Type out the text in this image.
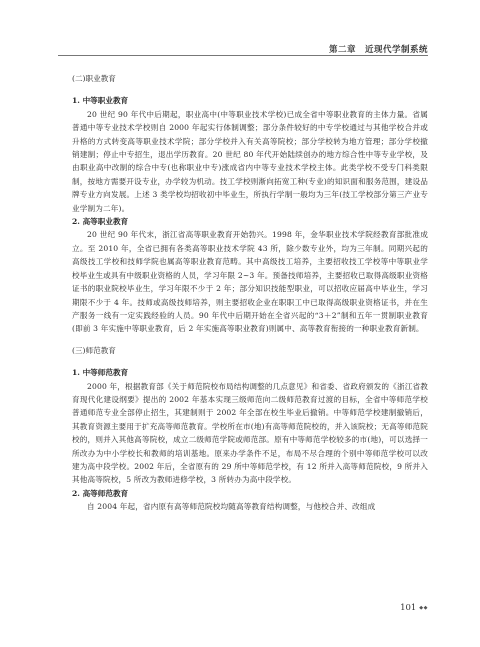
第二章　近现代学制系统
(二)职业教育
1. 中等职业教育

20 世纪 90 年代中后期起，职业高中(中等职业技术学校)已成全省中等职业教育的主体力量。省属普通中等专业技术学校则自 2000 年起实行体制调整；部分条件较好的中专学校通过与其他学校合并或升格的方式转变高等职业技术学院；部分学校并入有关高等院校；部分学校转为地方管理；部分学校撤销建制；停止中专招生，退出学历教育。20 世纪 80 年代开始陆续创办的地方综合性中等专业学校，及由职业高中改制的综合中专(也称职业中专)涨成省内中等专业技术学校主体。此类学校不受专门科类限制，按地方需要开设专业，办学较为机动。技工学校则渐向拓宽工种(专业)的知识面和服务范围，建设品牌专业方向发展。上述 3 类学校均招收初中毕业生，所执行学制一般均为三年(技工学校部分第三产业专业学制为二年)。

2. 高等职业教育

20 世纪 90 年代末，浙江省高等职业教育开始勃兴。1998 年，金华职业技术学院经教育部批准成立。至 2010 年，全省已拥有各类高等职业技术学院 43 所，除少数专业外，均为三年制。同期兴起的高级技工学校和技师学院也属高等职业教育范畴。其中高级技工培养，主要招收技工学校等中等职业学校毕业生或具有中级职业资格的人员，学习年限 2~3 年。预备技师培养，主要招收已取得高级职业资格证书的职业院校毕业生，学习年限不少于 2 年；部分知识技能型职业，可以招收应届高中毕业生，学习期限不少于 4 年。技师或高级技师培养，则主要招收企业在职职工中已取得高级职业资格证书，并在生产服务一线有一定实践经验的人员。90 年代中后期开始在全省兴起的“3＋2”制和五年一贯制职业教育(即前 3 年实施中等职业教育，后 2 年实施高等职业教育)则属中、高等教育衔接的一种职业教育新制。

(三)师范教育
1. 中等师范教育

2000 年，根据教育部《关于师范院校布局结构调整的几点意见》和省委、省政府颁发的《浙江省教育现代化建设纲要》提出的 2002 年基本实现三级师范向二级师范教育过渡的目标，全省中等师范学校普通师范专业全部停止招生，其建制则于 2002 年全部在校生毕业后撤销。中等师范学校建制撤销后，其教育资源主要用于扩充高等师范教育。学校所在市(地)有高等师范院校的，并入该院校；无高等师范院校的，则并入其他高等院校，成立二级师范学院或师范部。原有中等师范学校较多的市(地)，可以选择一所改办为中小学校长和教师的培训基地。原来办学条件不足，布局不尽合理的个别中等师范学校可以改建为高中段学校。2002 年后，全省原有的 29 所中等师范学校，有 12 所并入高等师范院校，9 所并入其他高等院校，5 所改为教师进修学校，3 所转办为高中段学校。

2. 高等师范教育

自 2004 年起，省内原有高等师范院校均随高等教育结构调整，与他校合并、改组成

101 ◆◆
